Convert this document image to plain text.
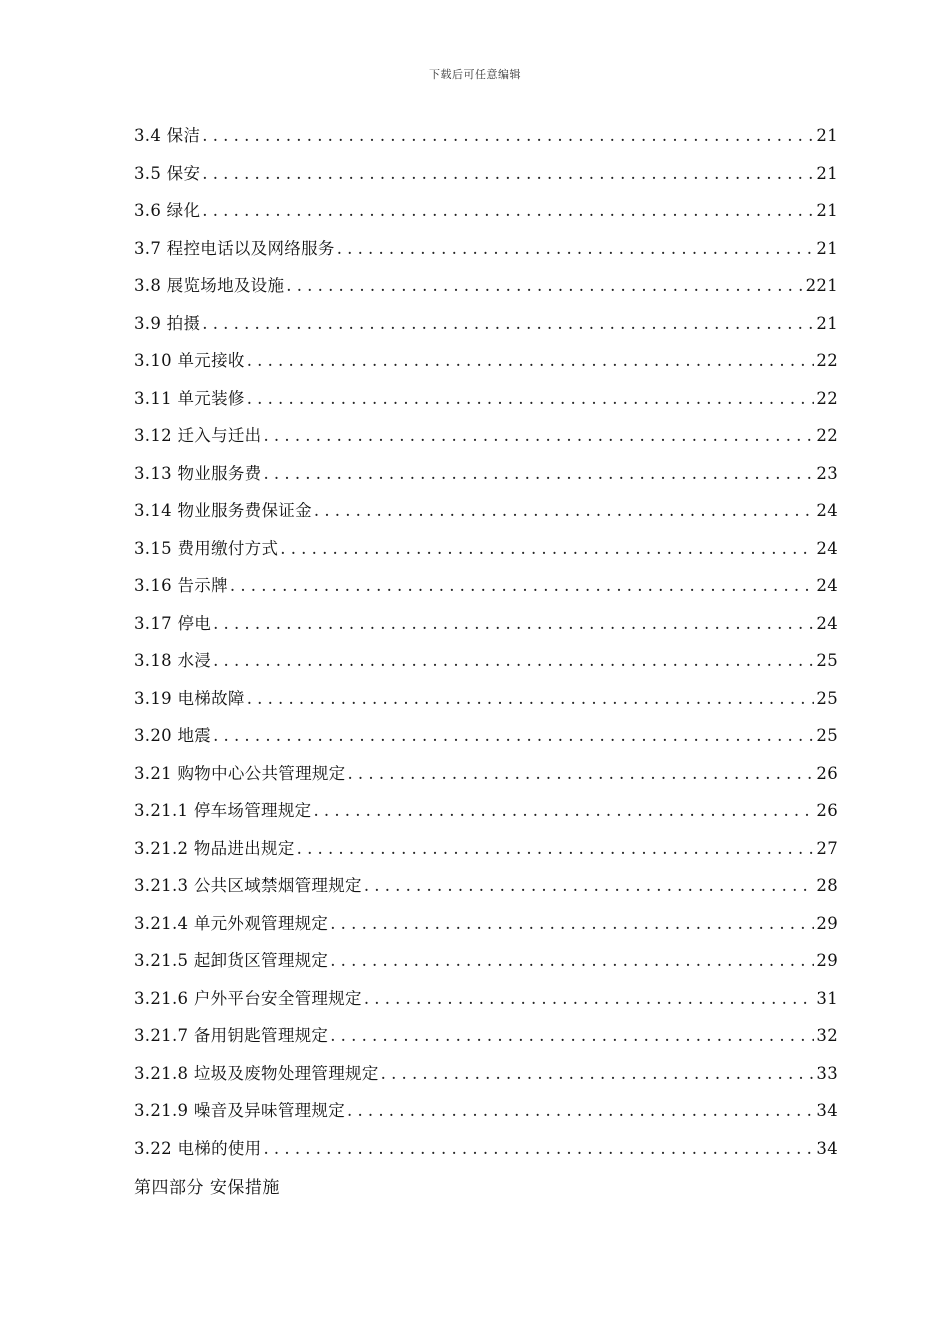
下载后可任意编辑
3.4 保洁 .....	21
3.5 保安 .....	21
3.6 绿化 .....	21
3.7 程控电话以及网络服务 .....	21
3.8 展览场地及设施 .....	221
3.9 拍摄 .....	21
3.10 单元接收 .....	22
3.11 单元装修 .....	22
3.12 迁入与迁出 .....	22
3.13 物业服务费 .....	23
3.14 物业服务费保证金 .....	24
3.15 费用缴付方式 .....	24
3.16 告示牌 .....	24
3.17 停电 .....	24
3.18 水浸 .....	25
3.19 电梯故障 .....	25
3.20 地震 .....	25
3.21 购物中心公共管理规定 .....	26
3.21.1 停车场管理规定 .....	26
3.21.2 物品进出规定 .....	27
3.21.3 公共区域禁烟管理规定 .....	28
3.21.4 单元外观管理规定 .....	29
3.21.5 起卸货区管理规定 .....	29
3.21.6 户外平台安全管理规定 .....	31
3.21.7 备用钥匙管理规定 .....	32
3.21.8 垃圾及废物处理管理规定 .....	33
3.21.9 噪音及异味管理规定 .....	34
3.22 电梯的使用 .....	34
第四部分 安保措施
